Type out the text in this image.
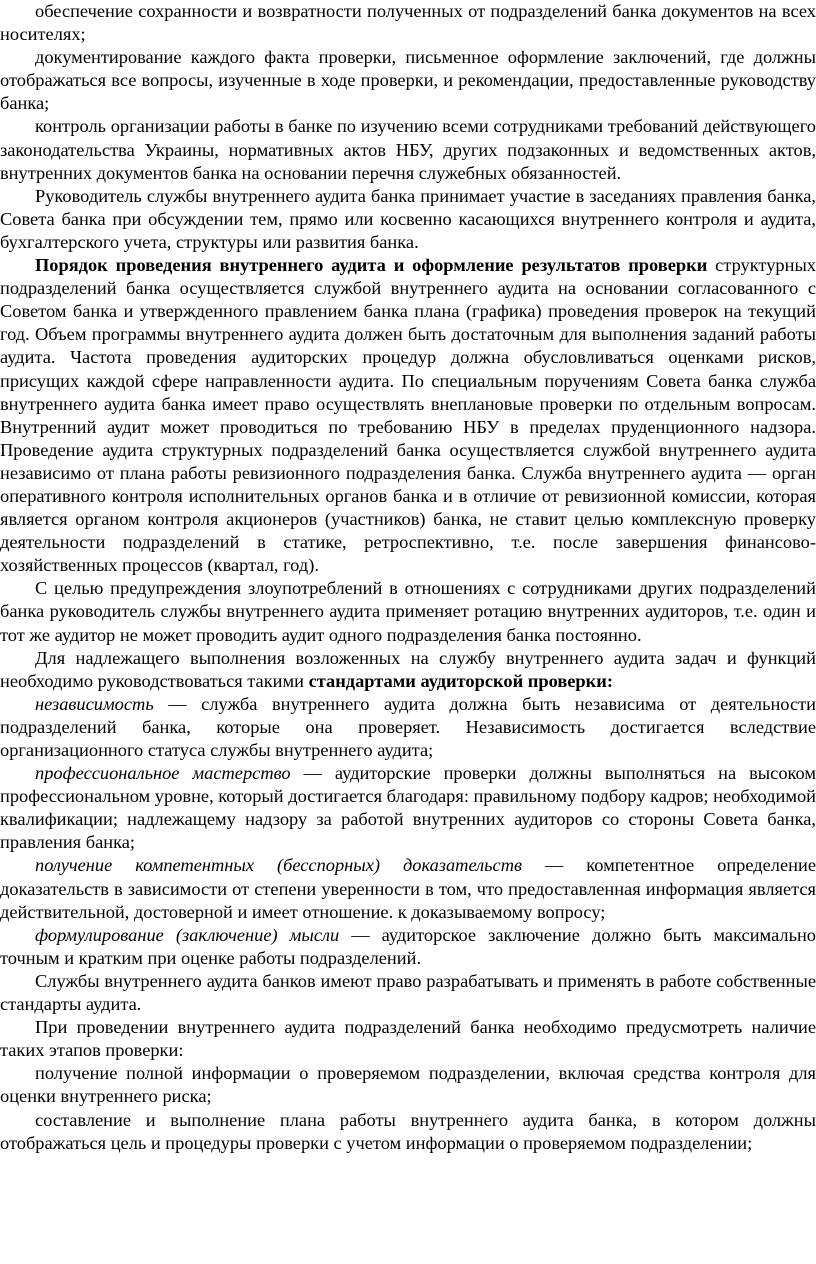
обеспечение сохранности и возвратности полученных от подразделений банка документов на всех носителях;

документирование каждого факта проверки, письменное оформление заключений, где должны отображаться все вопросы, изученные в ходе проверки, и рекомендации, предоставленные руководству банка;

контроль организации работы в банке по изучению всеми сотрудниками требований действующего законодательства Украины, нормативных актов НБУ, других подзаконных и ведомственных актов, внутренних документов банка на основании перечня служебных обязанностей.

Руководитель службы внутреннего аудита банка принимает участие в заседаниях правления банка, Совета банка при обсуждении тем, прямо или косвенно касающихся внутреннего контроля и аудита, бухгалтерского учета, структуры или развития банка.

Порядок проведения внутреннего аудита и оформление результатов проверки структурных подразделений банка осуществляется службой внутреннего аудита на основании согласованного с Советом банка и утвержденного правлением банка плана (графика) проведения проверок на текущий год. Объем программы внутреннего аудита должен быть достаточным для выполнения заданий работы аудита. Частота проведения аудиторских процедур должна обусловливаться оценками рисков, присущих каждой сфере направленности аудита. По специальным поручениям Совета банка служба внутреннего аудита банка имеет право осуществлять внеплановые проверки по отдельным вопросам. Внутренний аудит может проводиться по требованию НБУ в пределах пруденционного надзора. Проведение аудита структурных подразделений банка осуществляется службой внутреннего аудита независимо от плана работы ревизионного подразделения банка. Служба внутреннего аудита — орган оперативного контроля исполнительных органов банка и в отличие от ревизионной комиссии, которая является органом контроля акционеров (участников) банка, не ставит целью комплексную проверку деятельности подразделений в статике, ретроспективно, т.е. после завершения финансово-хозяйственных процессов (квартал, год).

С целью предупреждения злоупотреблений в отношениях с сотрудниками других подразделений банка руководитель службы внутреннего аудита применяет ротацию внутренних аудиторов, т.е. один и тот же аудитор не может проводить аудит одного подразделения банка постоянно.

Для надлежащего выполнения возложенных на службу внутреннего аудита задач и функций необходимо руководствоваться такими стандартами аудиторской проверки:

независимость — служба внутреннего аудита должна быть независима от деятельности подразделений банка, которые она проверяет. Независимость достигается вследствие организационного статуса службы внутреннего аудита;

профессиональное мастерство — аудиторские проверки должны выполняться на высоком профессиональном уровне, который достигается благодаря: правильному подбору кадров; необходимой квалификации; надлежащему надзору за работой внутренних аудиторов со стороны Совета банка, правления банка;

получение компетентных (бесспорных) доказательств — компетентное определение доказательств в зависимости от степени уверенности в том, что предоставленная информация является действительной, достоверной и имеет отношение. к доказываемому вопросу;

формулирование (заключение) мысли — аудиторское заключение должно быть максимально точным и кратким при оценке работы подразделений.

Службы внутреннего аудита банков имеют право разрабатывать и применять в работе собственные стандарты аудита.

При проведении внутреннего аудита подразделений банка необходимо предусмотреть наличие таких этапов проверки:

получение полной информации о проверяемом подразделении, включая средства контроля для оценки внутреннего риска;

составление и выполнение плана работы внутреннего аудита банка, в котором должны отображаться цель и процедуры проверки с учетом информации о проверяемом подразделении;
